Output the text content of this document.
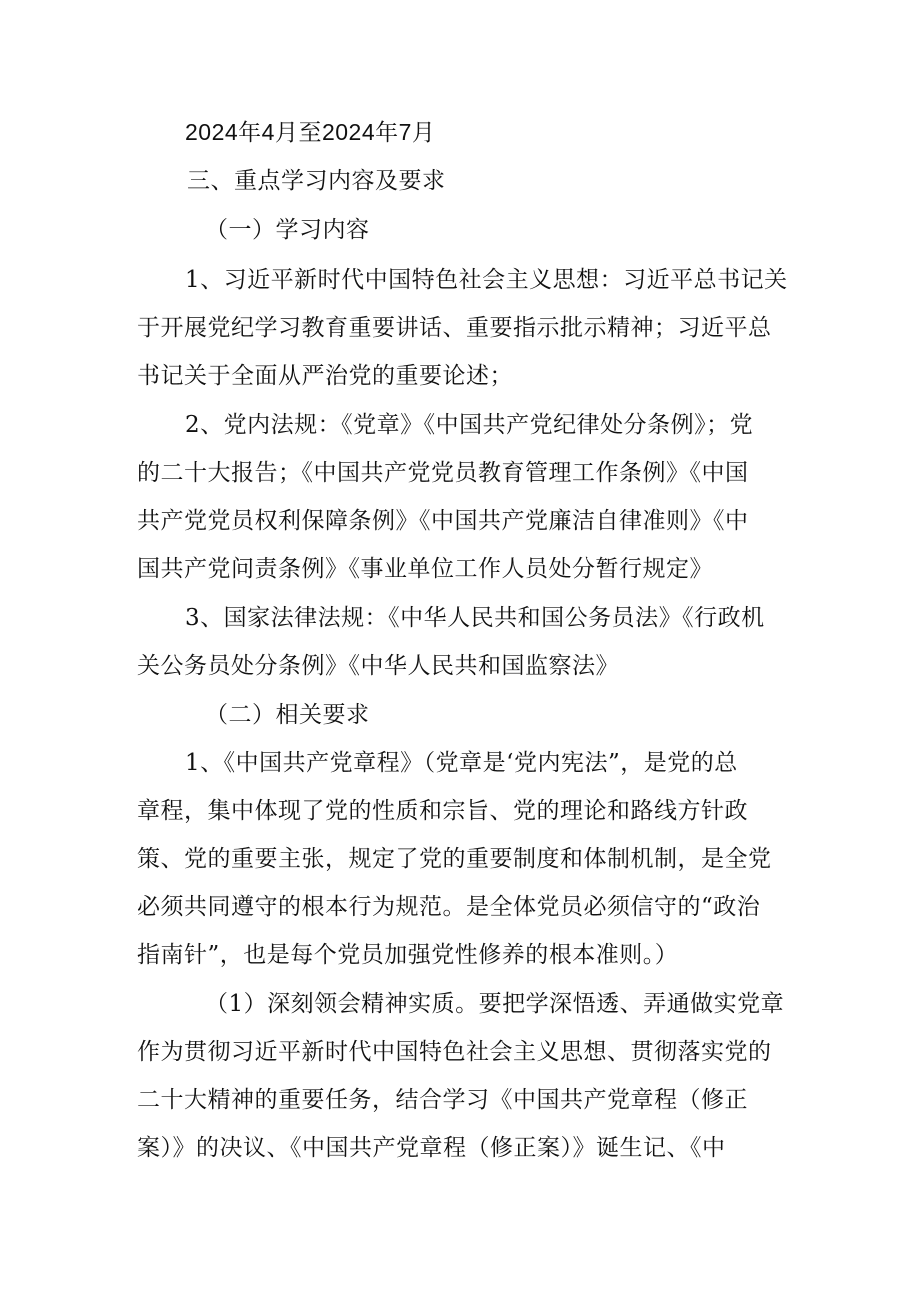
2024年4月至2024年7月
三、重点学习内容及要求
（一）学习内容
1、习近平新时代中国特色社会主义思想：习近平总书记关
于开展党纪学习教育重要讲话、重要指示批示精神；习近平总
书记关于全面从严治党的重要论述；
2、党内法规：《党章》《中国共产党纪律处分条例》；党
的二十大报告；《中国共产党党员教育管理工作条例》《中国
共产党党员权利保障条例》《中国共产党廉洁自律准则》《中
国共产党问责条例》《事业单位工作人员处分暂行规定》
3、国家法律法规：《中华人民共和国公务员法》《行政机
关公务员处分条例》《中华人民共和国监察法》
（二）相关要求
1、《中国共产党章程》（党章是‘党内宪法”，是党的总
章程，集中体现了党的性质和宗旨、党的理论和路线方针政
策、党的重要主张，规定了党的重要制度和体制机制，是全党
必须共同遵守的根本行为规范。是全体党员必须信守的“政治
指南针”，也是每个党员加强党性修养的根本准则。）
（1）深刻领会精神实质。要把学深悟透、弄通做实党章
作为贯彻习近平新时代中国特色社会主义思想、贯彻落实党的
二十大精神的重要任务，结合学习《中国共产党章程（修正
案）》的决议、《中国共产党章程（修正案）》诞生记、《中
